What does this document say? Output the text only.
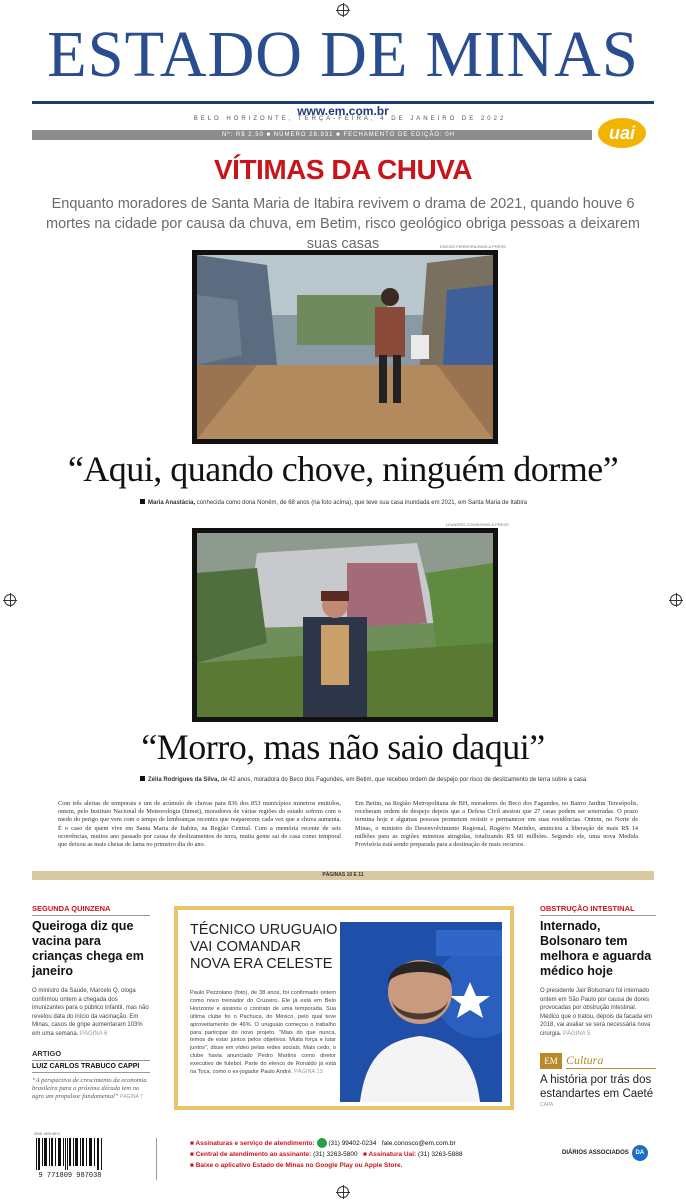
ESTADO DE MINAS
www.em.com.br
BELO HORIZONTE, TERÇA-FEIRA, 4 DE JANEIRO DE 2022
Nº: R$ 2,50 ■ NÚMERO 28.931 ■ FECHAMENTO DE EDIÇÃO: 0H	uai
VÍTIMAS DA CHUVA
Enquanto moradores de Santa Maria de Itabira revivem o drama de 2021, quando houve 6 mortes na cidade por causa da chuva, em Betim, risco geológico obriga pessoas a deixarem suas casas	EDESIO FERREIRA/EM/D.A PRESS
“Aqui, quando chove, ninguém dorme”
Maria Anastácia, conhecida como dona Nonêm, de 68 anos (na foto acima), que teve sua casa inundada em 2021, em Santa Maria de Itabira
LEANDRO COURI/EM/D.A PRESS
“Morro, mas não saio daqui”
Zélia Rodrigues da Silva, de 42 anos, moradora do Beco dos Fagundes, em Betim, que recebeu ordem de despejo por risco de deslizamento de terra sobre a casa

Com três alertas de temporais e um de acúmulo de chuvas para 836 dos 853 municípios mineiros emitidos, ontem, pelo Instituto Nacional de Meteorologia (Inmet), moradores de várias regiões do estado sofrem com o medo do perigo que vem com o tempo de lembranças recentes que reaparecem cada vez que a chuva aumenta. É o caso de quem vive em Santa Maria de Itabira, na Região Central. Com a memória recente de seis ocorrências, muitos ano passado por causa de deslizamentos de terra, muita gente sai de casa como temporal que deixou as mais cheias de lama no primeiro dia do ano.

Em Betim, na Região Metropolitana de BH, moradores do Beco dos Fagundes, no Bairro Jardim Teresópolis, receberam ordem de despejo depois que a Defesa Civil atestou que 27 casas podem ser soterradas. O prazo termina hoje e algumas pessoas prometem resistir e permanecer em suas residências. Ontem, no Norte de Minas, o ministro do Desenvolvimento Regional, Rogério Marinho, anunciou a liberação de mais R$ 14 milhões para as regiões mineiras atingidas, totalizando R$ 60 milhões. Segundo ele, uma nova Medida Provisória está sendo preparada para a destinação de mais recursos.

PÁGINAS 10 E 11
SEGUNDA QUINZENA
Queiroga diz que vacina para crianças chega em janeiro
O ministro da Saúde, Marcelo Q, ologa confirmou ontem a chegada dos imunizantes para o público infantil, mas não revelou data do início da vacinação. Em Minas, casos de gripe aumentaram 103% em uma semana. PÁGINA 6
ARTIGO
LUIZ CARLOS TRABUCO CAPPI
“A perspectiva de crescimento da economia brasileira para a próxima década tem no agro um propulsor fundamental” PÁGINA 7
TÉCNICO URUGUAIO VAI COMANDAR NOVA ERA CELESTE
Paulo Pezzolano (foto), de 38 anos, foi confirmado ontem como novo treinador do Cruzeiro. Ele já está em Belo Horizonte e assinou o contrato de uma temporada. Sua última clube foi o Pachuca, do México, pelo qual teve aproveitamento de 46%. O uruguaio começou o trabalho para participar do novo projeto. "Mais do que nunca, temos de estar juntos pelos objetivos. Muita força e lutar juntos", disse em vídeo pelas redes sociais. Mais cedo, o clube havia anunciado Pedro Martins como diretor executivo de futebol. Parte do elenco de Ronaldo já está na Toca, como o ex-jogador Paulo André. PÁGINA 13
OBSTRUÇÃO INTESTINAL
Internado, Bolsonaro tem melhora e aguarda médico hoje
O presidente Jair Bolsonaro foi internado ontem em São Paulo por causa de dores provocadas por obstrução intestinal. Médico que o tratou, depois da facada em 2018, vai avaliar se será necessária nova cirurgia. PÁGINA 5
EM Cultura
A história por trás dos estandartes em Caeté
CAPA
ISSN 1809-9874
9 771809 987038
■ Assinaturas e serviço de atendimento: (31) 99402-0234 fale.conosco@em.com.br
■ Central de atendimento ao assinante: (31) 3263-5800 ■ Assinatura Uai: (31) 3263-5888
■ Baixe o aplicativo Estado de Minas no Google Play ou Apple Store.
DIÁRIOS ASSOCIADOS	DA
